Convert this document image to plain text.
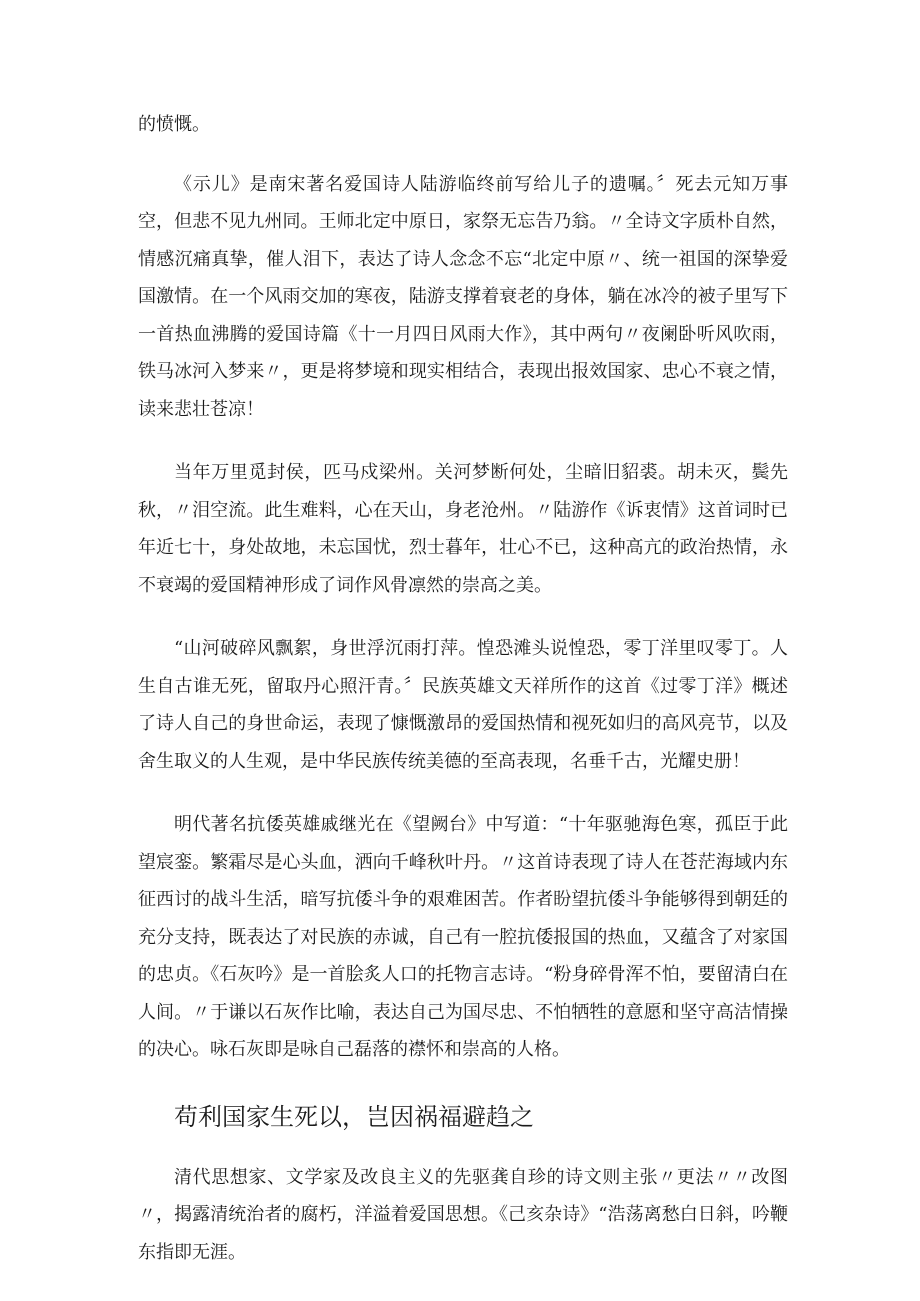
的愤慨。

《示儿》是南宋著名爱国诗人陆游临终前写给儿子的遗嘱。〞死去元知万事空，但悲不见九州同。王师北定中原日，家祭无忘告乃翁。〃全诗文字质朴自然，情感沉痛真挚，催人泪下，表达了诗人念念不忘“北定中原〃、统一祖国的深挚爱国激情。在一个风雨交加的寒夜，陆游支撑着衰老的身体，躺在冰冷的被子里写下一首热血沸腾的爱国诗篇《十一月四日风雨大作》，其中两句〃夜阑卧听风吹雨，铁马冰河入梦来〃，更是将梦境和现实相结合，表现出报效国家、忠心不衰之情，读来悲壮苍凉！

当年万里觅封侯，匹马戍梁州。关河梦断何处，尘暗旧貂裘。胡未灭，鬓先秋，〃泪空流。此生难料，心在天山，身老沧州。〃陆游作《诉衷情》这首词时已年近七十，身处故地，未忘国忧，烈士暮年，壮心不已，这种高亢的政治热情，永不衰竭的爱国精神形成了词作风骨凛然的崇高之美。

“山河破碎风飘絮，身世浮沉雨打萍。惶恐滩头说惶恐，零丁洋里叹零丁。人生自古谁无死，留取丹心照汗青。〞民族英雄文天祥所作的这首《过零丁洋》概述了诗人自己的身世命运，表现了慷慨激昂的爱国热情和视死如归的高风亮节，以及舍生取义的人生观，是中华民族传统美德的至高表现，名垂千古，光耀史册！

明代著名抗倭英雄戚继光在《望阙台》中写道：“十年驱驰海色寒，孤臣于此望宸銮。繁霜尽是心头血，洒向千峰秋叶丹。〃这首诗表现了诗人在苍茫海域内东征西讨的战斗生活，暗写抗倭斗争的艰难困苦。作者盼望抗倭斗争能够得到朝廷的充分支持，既表达了对民族的赤诚，自己有一腔抗倭报国的热血，又蕴含了对家国的忠贞。《石灰吟》是一首脍炙人口的托物言志诗。“粉身碎骨浑不怕，要留清白在人间。〃于谦以石灰作比喻，表达自己为国尽忠、不怕牺牲的意愿和坚守高洁情操的决心。咏石灰即是咏自己磊落的襟怀和崇高的人格。

苟利国家生死以，岂因祸福避趋之

清代思想家、文学家及改良主义的先驱龚自珍的诗文则主张〃更法〃〃改图〃，揭露清统治者的腐朽，洋溢着爱国思想。《己亥杂诗》“浩荡离愁白日斜，吟鞭东指即无涯。
